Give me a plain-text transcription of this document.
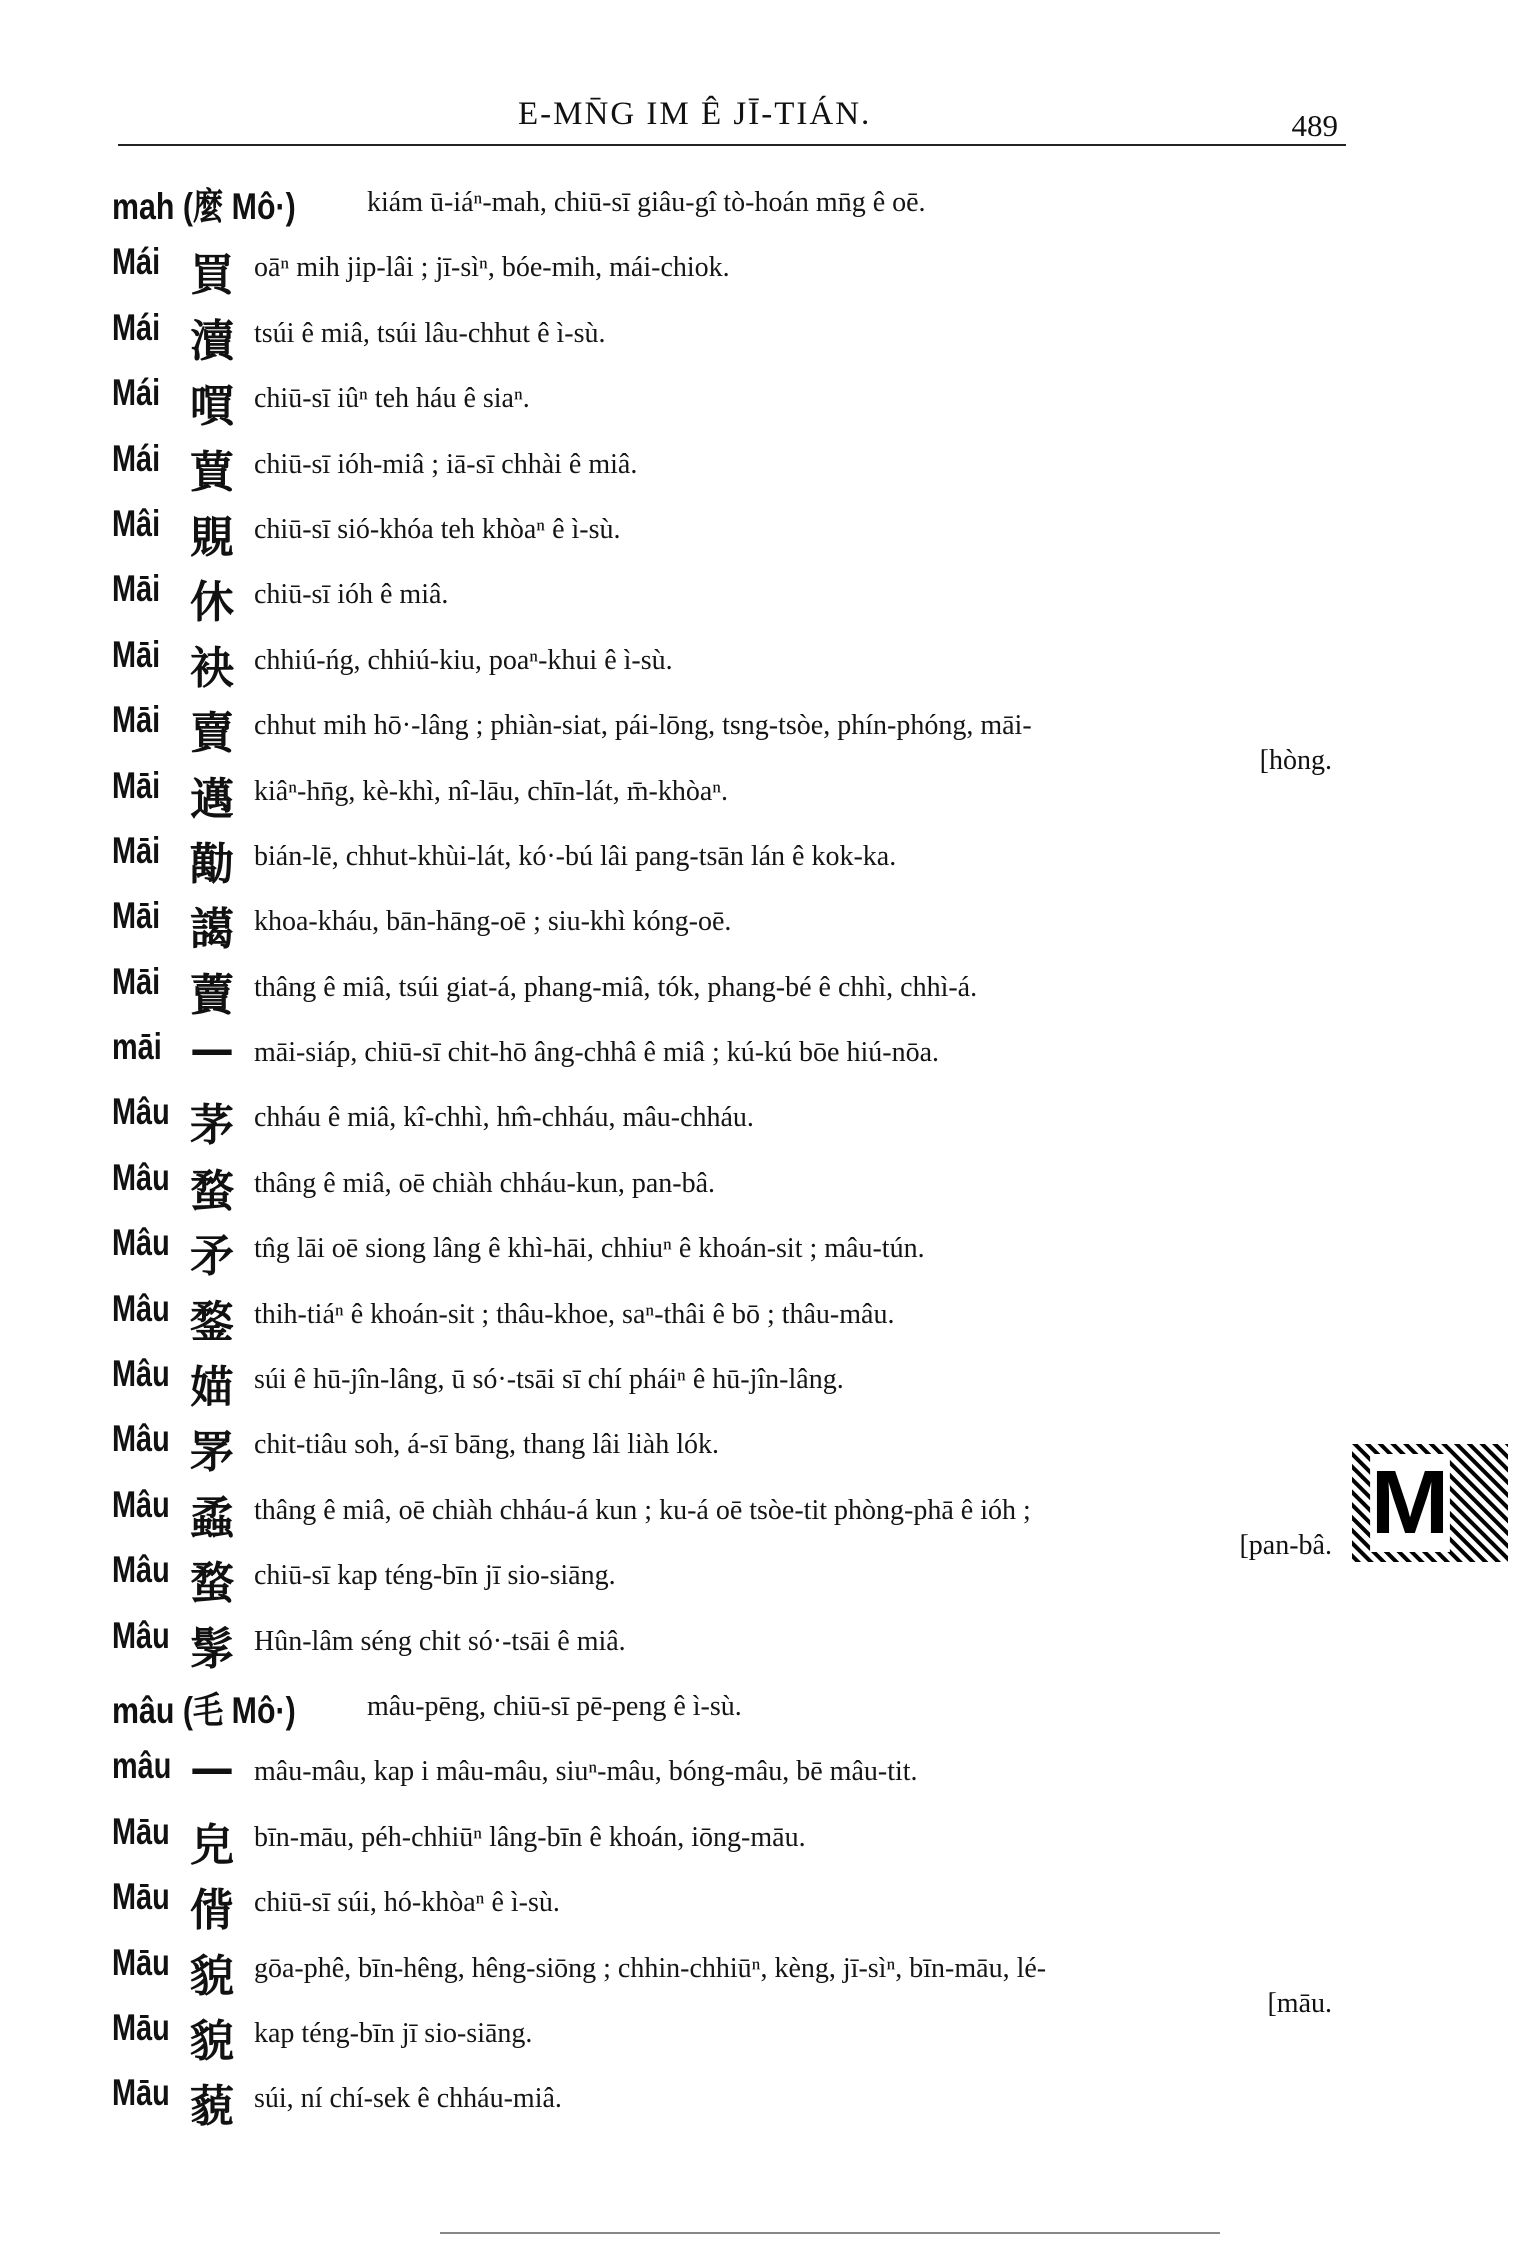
E-MN̄G IM Ê JĪ-TIÁN.	489
mah (麼 Mô·)	kiám ū-iáⁿ-mah, chiū-sī giâu-gî tò-hoán mn̄g ê oē.
Mái 買 oāⁿ mih jip-lâi ; jī-sìⁿ, bóe-mih, mái-chiok.
Mái 瀆 tsúi ê miâ, tsúi lâu-chhut ê ì-sù.
Mái 嘪 chiū-sī iûⁿ teh háu ê siaⁿ.
Mái 蕒 chiū-sī ióh-miâ ; iā-sī chhài ê miâ.
Mâi 覞 chiū-sī sió-khóa teh khòaⁿ ê ì-sù.
Māi 休 chiū-sī ióh ê miâ.
Māi 袂 chhiú-ńg, chhiú-kiu, poaⁿ-khui ê ì-sù.
Māi 賣 chhut mih hō·-lâng ; phiàn-siat, pái-lōng, tsng-tsòe, phín-phóng, māi-
[hòng.
Māi 邁 kiâⁿ-hn̄g, kè-khì, nî-lāu, chīn-lát, m̄-khòaⁿ.
Māi 勱 bián-lē, chhut-khùi-lát, kó·-bú lâi pang-tsān lán ê kok-ka.
Māi 譪 khoa-kháu, bān-hāng-oē ; siu-khì kóng-oē.
Māi 藚 thâng ê miâ, tsúi giat-á, phang-miâ, tók, phang-bé ê chhì, chhì-á.
māi — māi-siáp, chiū-sī chit-hō âng-chhâ ê miâ ; kú-kú bōe hiú-nōa.
Mâu 茅 chháu ê miâ, kî-chhì, hm̂-chháu, mâu-chháu.
Mâu 蝥 thâng ê miâ, oē chiàh chháu-kun, pan-bâ.
Mâu 矛 tn̂g lāi oē siong lâng ê khì-hāi, chhiuⁿ ê khoán-sit ; mâu-tún.
Mâu 鍪 thih-tiáⁿ ê khoán-sit ; thâu-khoe, saⁿ-thâi ê bō ; thâu-mâu.
Mâu 媌 súi ê hū-jîn-lâng, ū só·-tsāi sī chí pháiⁿ ê hū-jîn-lâng.
Mâu 罞 chit-tiâu soh, á-sī bāng, thang lâi liàh lók.
Mâu 蟊 thâng ê miâ, oē chiàh chháu-á kun ; ku-á oē tsòe-tit phòng-phā ê ióh ;
[pan-bâ.
Mâu 蝥 chiū-sī kap téng-bīn jī sio-siāng.
Mâu 髳 Hûn-lâm séng chit só·-tsāi ê miâ.
mâu (毛 Mô·)	mâu-pēng, chiū-sī pē-peng ê ì-sù.
mâu — mâu-mâu, kap i mâu-mâu, siuⁿ-mâu, bóng-mâu, bē mâu-tit.
Māu 皃 bīn-māu, péh-chhiūⁿ lâng-bīn ê khoán, iōng-māu.
Māu 偝 chiū-sī súi, hó-khòaⁿ ê ì-sù.
Māu 貌 gōa-phê, bīn-hêng, hêng-siōng ; chhin-chhiūⁿ, kèng, jī-sìⁿ, bīn-māu, lé-
[māu.
Māu 貌 kap téng-bīn jī sio-siāng.
Māu 藐 súi, ní chí-sek ê chháu-miâ.
M
